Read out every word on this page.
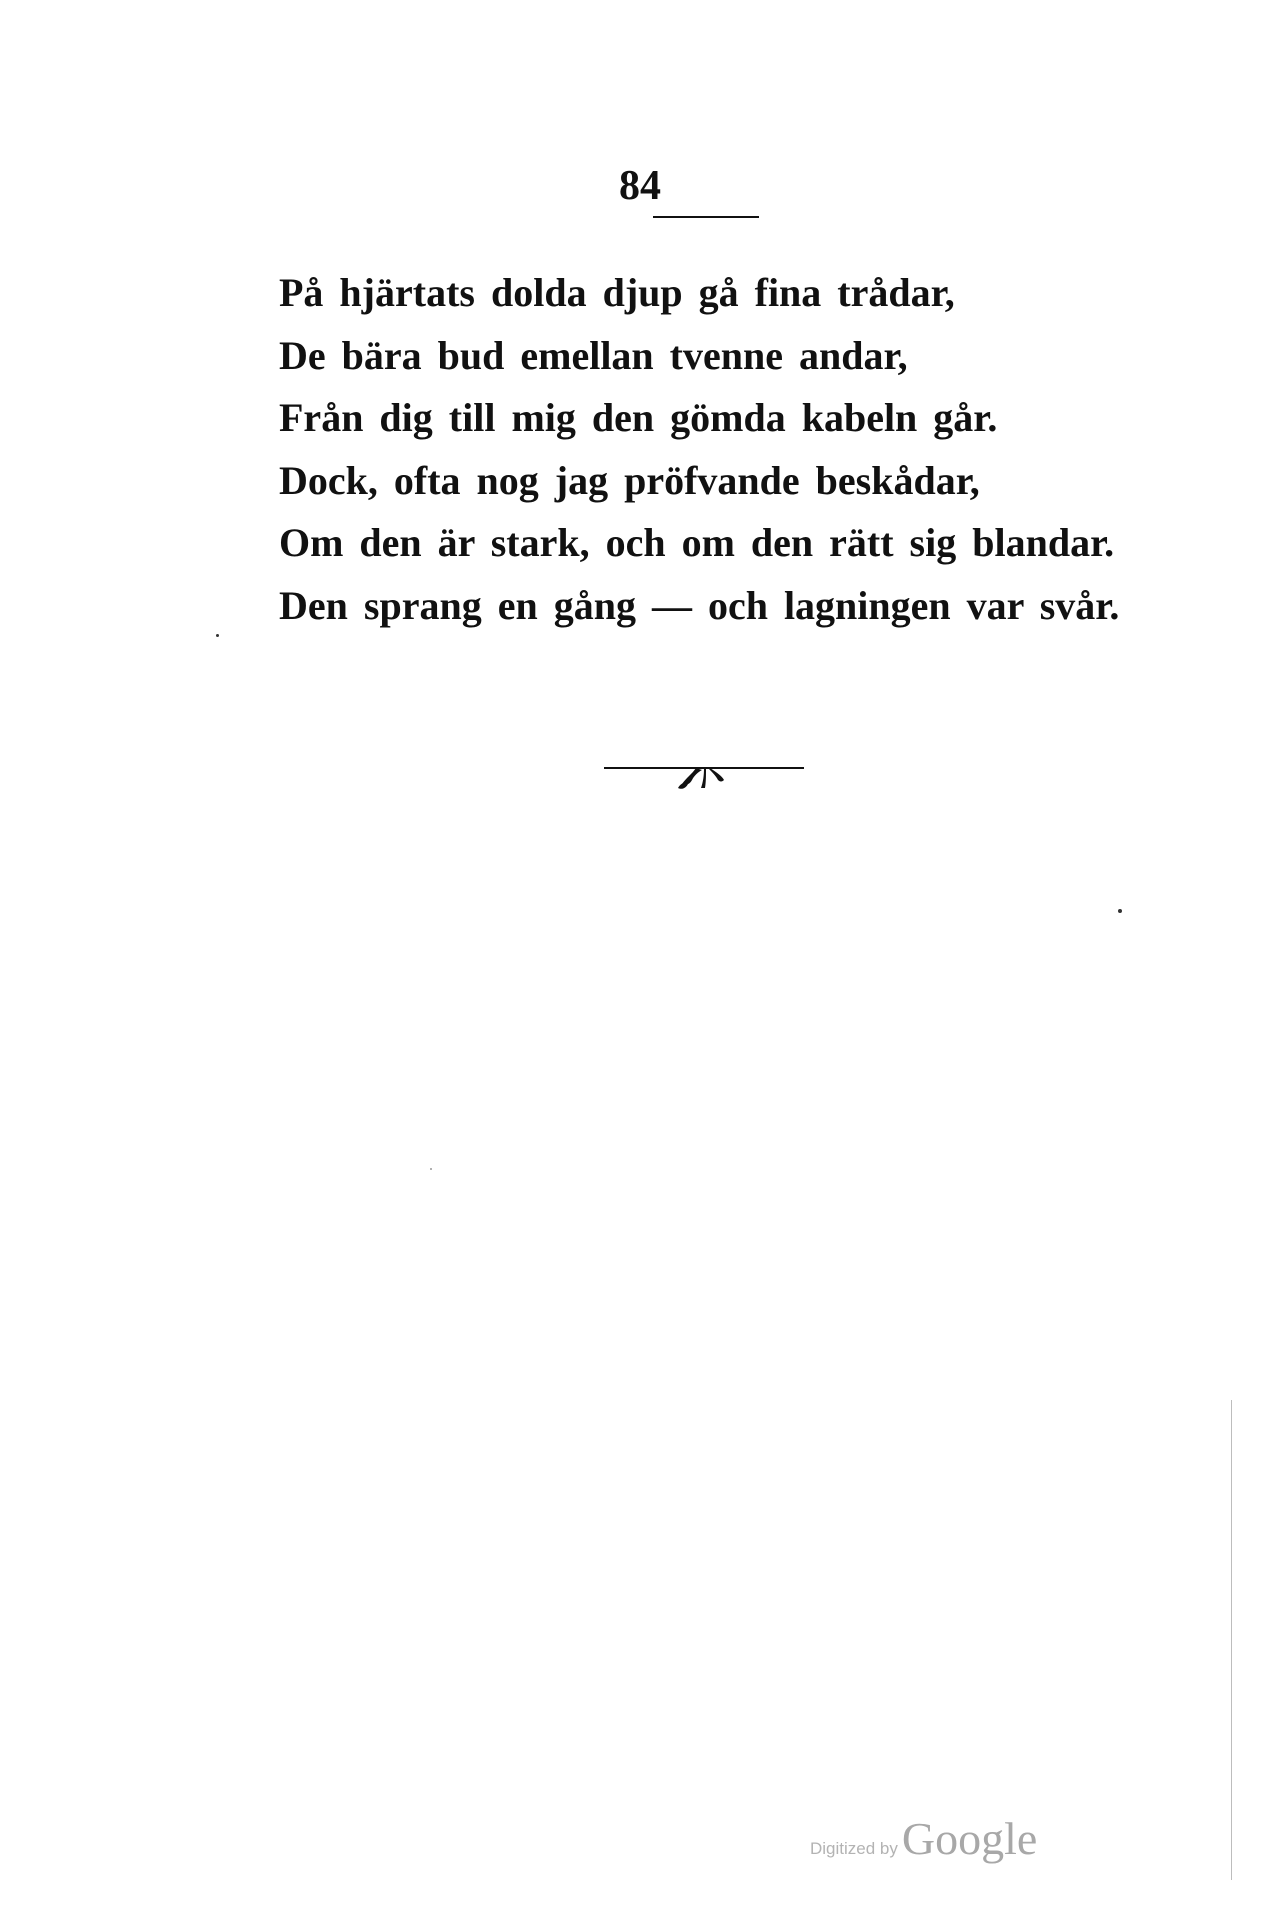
84
På hjärtats dolda djup gå fina trådar,
De bära bud emellan tvenne andar,
Från dig till mig den gömda kabeln går.
Dock, ofta nog jag pröfvande beskådar,
Om den är stark, och om den rätt sig blandar.
Den sprang en gång — och lagningen var svår.
Digitized by Google
